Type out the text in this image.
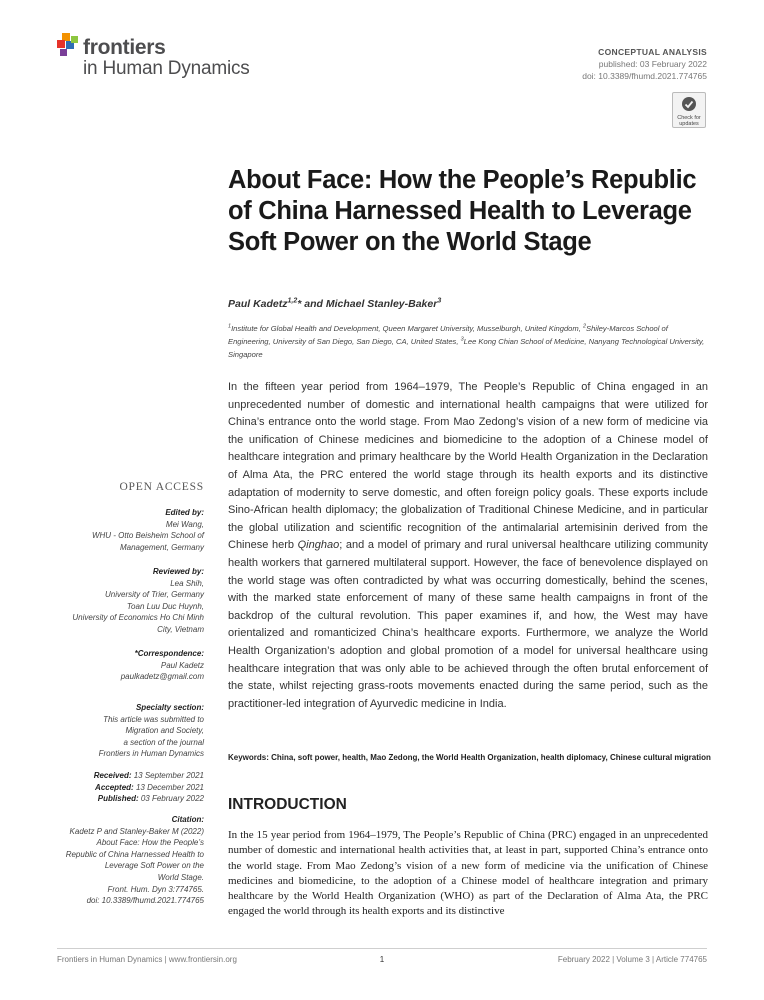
frontiers
in Human Dynamics
CONCEPTUAL ANALYSIS
published: 03 February 2022
doi: 10.3389/fhumd.2021.774765
Check for
updates
About Face: How the People’s Republic of China Harnessed Health to Leverage Soft Power on the World Stage
Paul Kadetz$^{1,2}$* and Michael Stanley-Baker$^3$
$^1$Institute for Global Health and Development, Queen Margaret University, Musselburgh, United Kingdom, $^2$Shiley-Marcos School of Engineering, University of San Diego, San Diego, CA, United States, $^3$Lee Kong Chian School of Medicine, Nanyang Technological University, Singapore
In the fifteen year period from 1964–1979, The People’s Republic of China engaged in an unprecedented number of domestic and international health campaigns that were utilized for China’s entrance onto the world stage. From Mao Zedong’s vision of a new form of medicine via the unification of Chinese medicines and biomedicine to the adoption of a Chinese model of healthcare integration and primary healthcare by the World Health Organization in the Declaration of Alma Ata, the PRC entered the world stage through its health exports and its distinctive adaptation of modernity to serve domestic, and often foreign policy goals. These exports include Sino-African health diplomacy; the globalization of Traditional Chinese Medicine, and in particular the global utilization and scientific recognition of the antimalarial artemisinin derived from the Chinese herb Qinghao; and a model of primary and rural universal healthcare utilizing community health workers that garnered multilateral support. However, the face of benevolence displayed on the world stage was often contradicted by what was occurring domestically, behind the scenes, with the marked state enforcement of many of these same health campaigns in front of the backdrop of the cultural revolution. This paper examines if, and how, the West may have orientalized and romanticized China’s healthcare exports. Furthermore, we analyze the World Health Organization’s adoption and global promotion of a model for universal healthcare using healthcare integration that was only able to be achieved through the often brutal enforcement of the state, whilst rejecting grass-roots movements enacted during the same period, such as the practitioner-led integration of Ayurvedic medicine in India.
Keywords: China, soft power, health, Mao Zedong, the World Health Organization, health diplomacy, Chinese cultural migration
INTRODUCTION
In the 15 year period from 1964–1979, The People’s Republic of China (PRC) engaged in an unprecedented number of domestic and international health activities that, at least in part, supported China’s entrance onto the world stage. From Mao Zedong’s vision of a new form of medicine via the unification of Chinese medicines and biomedicine, to the adoption of a Chinese model of healthcare integration and primary healthcare by the World Health Organization (WHO) as part of the Declaration of Alma Ata, the PRC engaged the world through its health exports and its distinctive
OPEN ACCESS
Edited by:
Mei Wang,
WHU - Otto Beisheim School of
Management, Germany
Reviewed by:
Lea Shih,
University of Trier, Germany
Toan Luu Duc Huynh,
University of Economics Ho Chi Minh
City, Vietnam
*Correspondence:
Paul Kadetz
paulkadetz@gmail.com
Specialty section:
This article was submitted to
Migration and Society,
a section of the journal
Frontiers in Human Dynamics
Received: 13 September 2021
Accepted: 13 December 2021
Published: 03 February 2022
Citation:
Kadetz P and Stanley-Baker M (2022)
About Face: How the People’s
Republic of China Harnessed Health to
Leverage Soft Power on the
World Stage.
Front. Hum. Dyn 3:774765.
doi: 10.3389/fhumd.2021.774765
Frontiers in Human Dynamics | www.frontiersin.org	1	February 2022 | Volume 3 | Article 774765
